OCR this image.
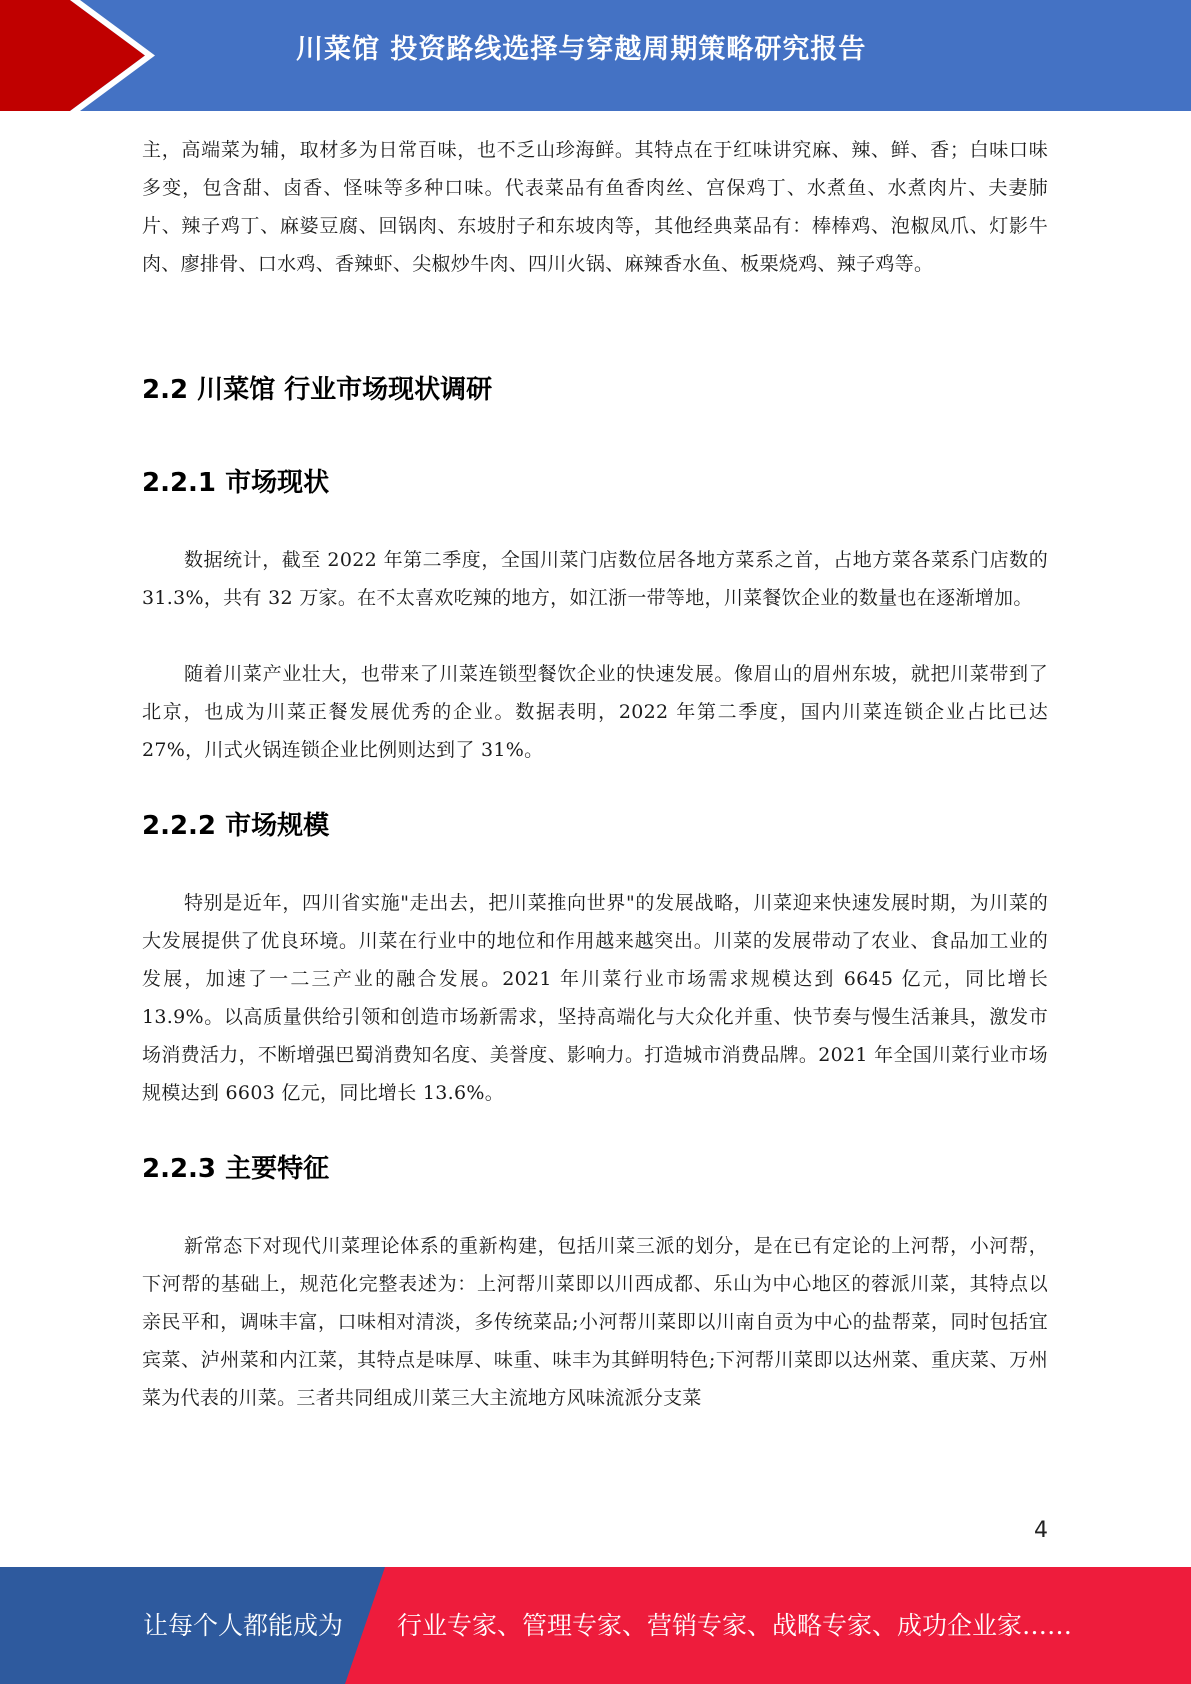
川菜馆 投资路线选择与穿越周期策略研究报告

主，高端菜为辅，取材多为日常百味，也不乏山珍海鲜。其特点在于红味讲究麻、辣、鲜、香；白味口味多变，包含甜、卤香、怪味等多种口味。代表菜品有鱼香肉丝、宫保鸡丁、水煮鱼、水煮肉片、夫妻肺片、辣子鸡丁、麻婆豆腐、回锅肉、东坡肘子和东坡肉等，其他经典菜品有：棒棒鸡、泡椒凤爪、灯影牛肉、廖排骨、口水鸡、香辣虾、尖椒炒牛肉、四川火锅、麻辣香水鱼、板栗烧鸡、辣子鸡等。

2.2 川菜馆 行业市场现状调研
2.2.1 市场现状

数据统计，截至 2022 年第二季度，全国川菜门店数位居各地方菜系之首，占地方菜各菜系门店数的 31.3%，共有 32 万家。在不太喜欢吃辣的地方，如江浙一带等地，川菜餐饮企业的数量也在逐渐增加。

随着川菜产业壮大，也带来了川菜连锁型餐饮企业的快速发展。像眉山的眉州东坡，就把川菜带到了北京，也成为川菜正餐发展优秀的企业。数据表明，2022 年第二季度，国内川菜连锁企业占比已达 27%，川式火锅连锁企业比例则达到了 31%。

2.2.2 市场规模

特别是近年，四川省实施"走出去，把川菜推向世界"的发展战略，川菜迎来快速发展时期，为川菜的大发展提供了优良环境。川菜在行业中的地位和作用越来越突出。川菜的发展带动了农业、食品加工业的发展，加速了一二三产业的融合发展。2021 年川菜行业市场需求规模达到 6645 亿元，同比增长 13.9%。以高质量供给引领和创造市场新需求，坚持高端化与大众化并重、快节奏与慢生活兼具，激发市场消费活力，不断增强巴蜀消费知名度、美誉度、影响力。打造城市消费品牌。2021 年全国川菜行业市场规模达到 6603 亿元，同比增长 13.6%。

2.2.3 主要特征

新常态下对现代川菜理论体系的重新构建，包括川菜三派的划分，是在已有定论的上河帮，小河帮，下河帮的基础上，规范化完整表述为：上河帮川菜即以川西成都、乐山为中心地区的蓉派川菜，其特点以亲民平和，调味丰富，口味相对清淡，多传统菜品;小河帮川菜即以川南自贡为中心的盐帮菜，同时包括宜宾菜、泸州菜和内江菜，其特点是味厚、味重、味丰为其鲜明特色;下河帮川菜即以达州菜、重庆菜、万州菜为代表的川菜。三者共同组成川菜三大主流地方风味流派分支菜

4
让每个人都能成为 行业专家、管理专家、营销专家、战略专家、成功企业家……
